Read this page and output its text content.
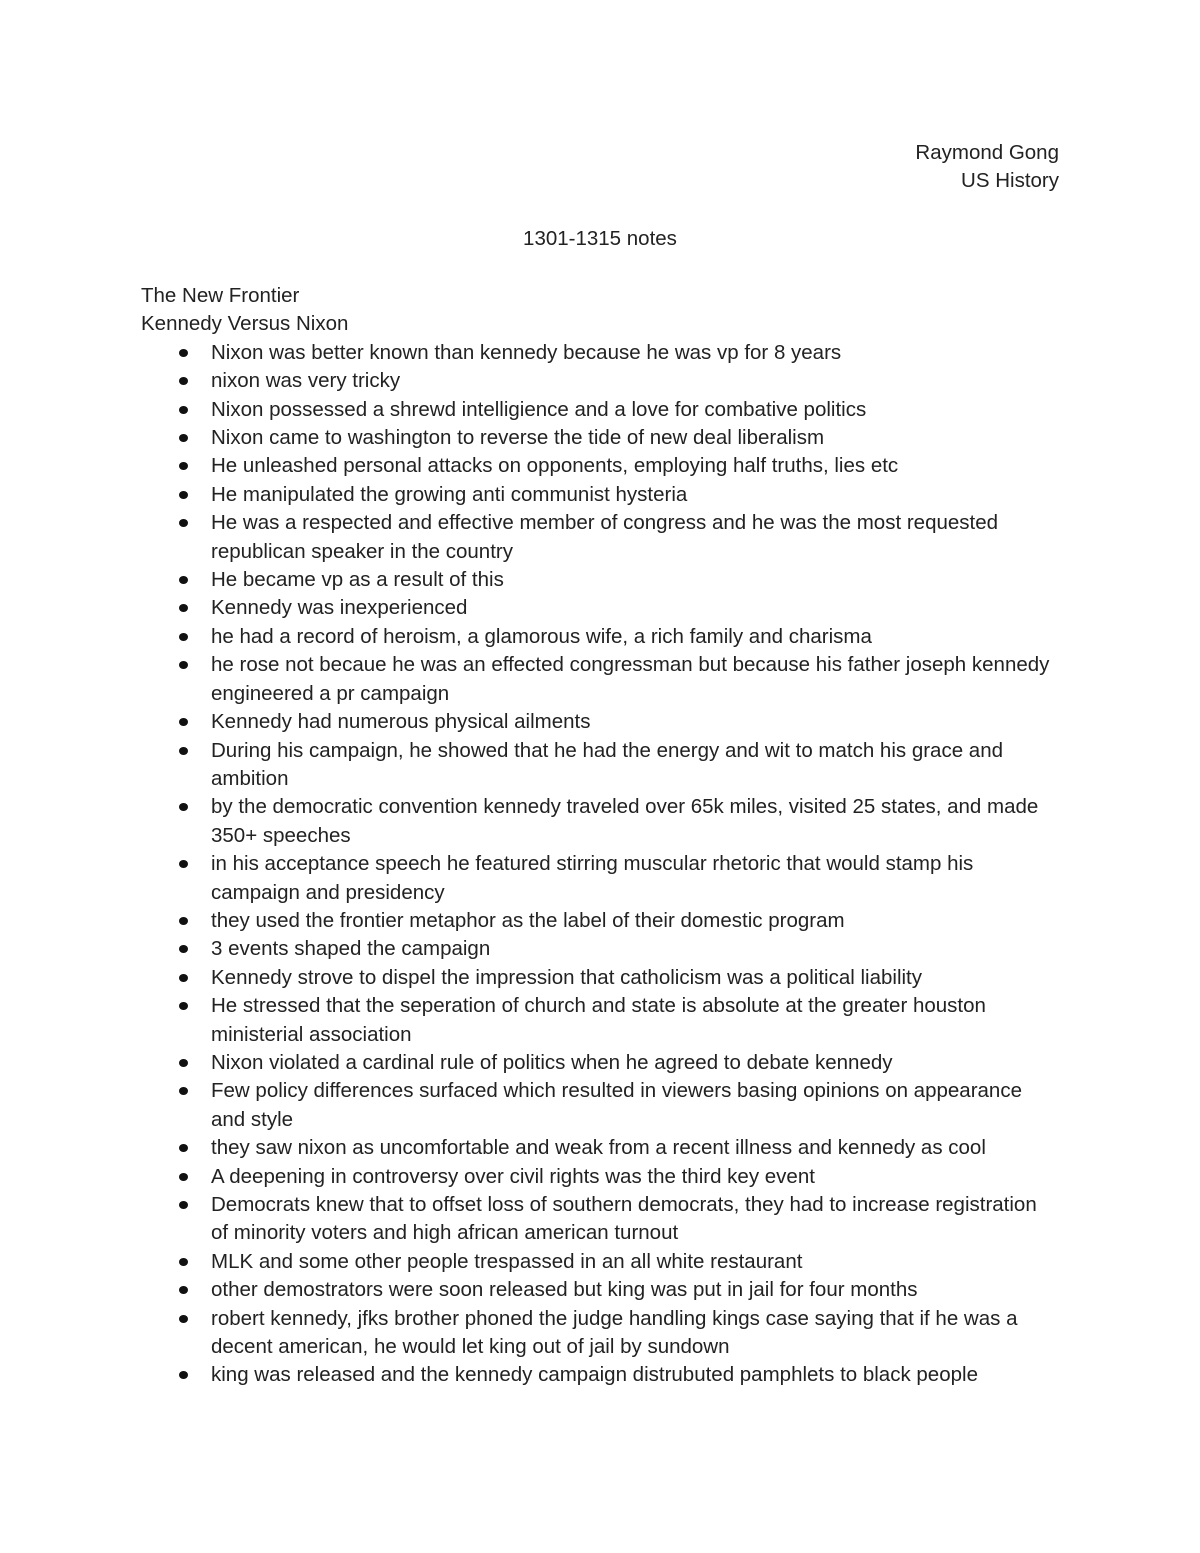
Raymond Gong
US History
1301-1315 notes
The New Frontier
Kennedy Versus Nixon
Nixon was better known than kennedy because he was vp for 8 years
nixon was very tricky
Nixon possessed a shrewd intelligience and a love for combative politics
Nixon came to washington to reverse the tide of new deal liberalism
He unleashed personal attacks on opponents, employing half truths, lies etc
He manipulated the growing anti communist hysteria
He was a respected and effective member of congress and he was the most requested republican speaker in the country
He became vp as a result of this
Kennedy was inexperienced
he had a record of heroism, a glamorous wife, a rich family and charisma
he rose not becaue he was an effected congressman but because his father joseph kennedy engineered a pr campaign
Kennedy had numerous physical ailments
During his campaign, he showed that he had the energy and wit to match his grace and ambition
by the democratic convention kennedy traveled over 65k miles, visited 25 states, and made 350+ speeches
in his acceptance speech he featured stirring muscular rhetoric that would stamp his campaign and presidency
they used the frontier metaphor as the label of their domestic program
3 events shaped the campaign
Kennedy strove to dispel the impression that catholicism was a political liability
He stressed that the seperation of church and state is absolute at the greater houston ministerial association
Nixon violated a cardinal rule of politics when he agreed to debate kennedy
Few policy differences surfaced which resulted in viewers basing opinions on appearance and style
they saw nixon as uncomfortable and weak from a recent illness and kennedy as cool
A deepening in controversy over civil rights was the third key event
Democrats knew that to offset loss of southern democrats, they had to increase registration of minority voters and high african american turnout
MLK and some other people trespassed in an all white restaurant
other demostrators were soon released but king was put in jail for four months
robert kennedy, jfks brother phoned the judge handling kings case saying that if he was a decent american, he would let king out of jail by sundown
king was released and the kennedy campaign distrubuted pamphlets to black people
